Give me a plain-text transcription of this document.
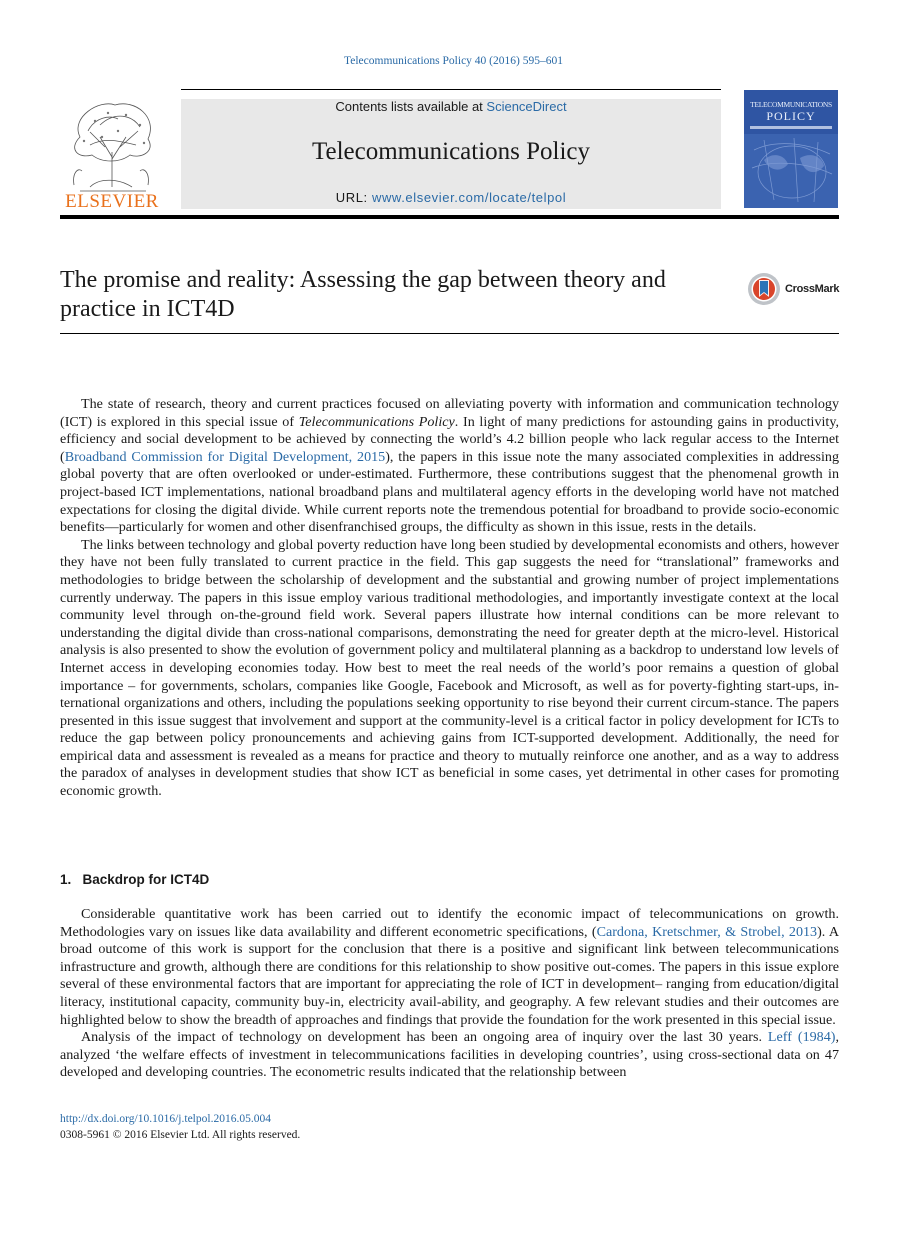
Telecommunications Policy 40 (2016) 595–601
ELSEVIER
Contents lists available at ScienceDirect
Telecommunications Policy
URL: www.elsevier.com/locate/telpol
TELECOMMUNICATIONS
POLICY
The promise and reality: Assessing the gap between theory and practice in ICT4D
CrossMark

The state of research, theory and current practices focused on alleviating poverty with information and communication technology (ICT) is explored in this special issue of Telecommunications Policy. In light of many predictions for astounding gains in productivity, efficiency and social development to be achieved by connecting the world’s 4.2 billion people who lack regular access to the Internet (Broadband Commission for Digital Development, 2015), the papers in this issue note the many associated complexities in addressing global poverty that are often overlooked or under-estimated. Furthermore, these contributions suggest that the phenomenal growth in project-based ICT implementations, national broadband plans and multilateral agency efforts in the developing world have not matched expectations for closing the digital divide. While current reports note the tremendous potential for broadband to provide socio-economic benefits––particularly for women and other disenfranchised groups, the difficulty as shown in this issue, rests in the details.

The links between technology and global poverty reduction have long been studied by developmental economists and others, however they have not been fully translated to current practice in the field. This gap suggests the need for “translational” frameworks and methodologies to bridge between the scholarship of development and the substantial and growing number of project implementations currently underway. The papers in this issue employ various traditional methodologies, and importantly investigate context at the local community level through on-the-ground field work. Several papers illustrate how internal conditions can be more relevant to understanding the digital divide than cross-national comparisons, demonstrating the need for greater depth at the micro-level. Historical analysis is also presented to show the evolution of government policy and multilateral planning as a backdrop to understand low levels of Internet access in developing economies today. How best to meet the real needs of the world’s poor remains a question of global importance – for governments, scholars, companies like Google, Facebook and Microsoft, as well as for poverty-fighting start-ups, in-ternational organizations and others, including the populations seeking opportunity to rise beyond their current circum-stance. The papers presented in this issue suggest that involvement and support at the community-level is a critical factor in policy development for ICTs to reduce the gap between policy pronouncements and achieving gains from ICT-supported development. Additionally, the need for empirical data and assessment is revealed as a means for practice and theory to mutually reinforce one another, and as a way to address the paradox of analyses in development studies that show ICT as beneficial in some cases, yet detrimental in other cases for promoting economic growth.

1. Backdrop for ICT4D

Considerable quantitative work has been carried out to identify the economic impact of telecommunications on growth. Methodologies vary on issues like data availability and different econometric specifications, (Cardona, Kretschmer, & Strobel, 2013). A broad outcome of this work is support for the conclusion that there is a positive and significant link between telecommunications infrastructure and growth, although there are conditions for this relationship to show positive out-comes. The papers in this issue explore several of these environmental factors that are important for appreciating the role of ICT in development– ranging from education/digital literacy, institutional capacity, community buy-in, electricity avail-ability, and geography. A few relevant studies and their outcomes are highlighted below to show the breadth of approaches and findings that provide the foundation for the work presented in this special issue.

Analysis of the impact of technology on development has been an ongoing area of inquiry over the last 30 years. Leff (1984), analyzed ‘the welfare effects of investment in telecommunications facilities in developing countries’, using cross-sectional data on 47 developed and developing countries. The econometric results indicated that the relationship between

http://dx.doi.org/10.1016/j.telpol.2016.05.004
0308-5961 © 2016 Elsevier Ltd. All rights reserved.
